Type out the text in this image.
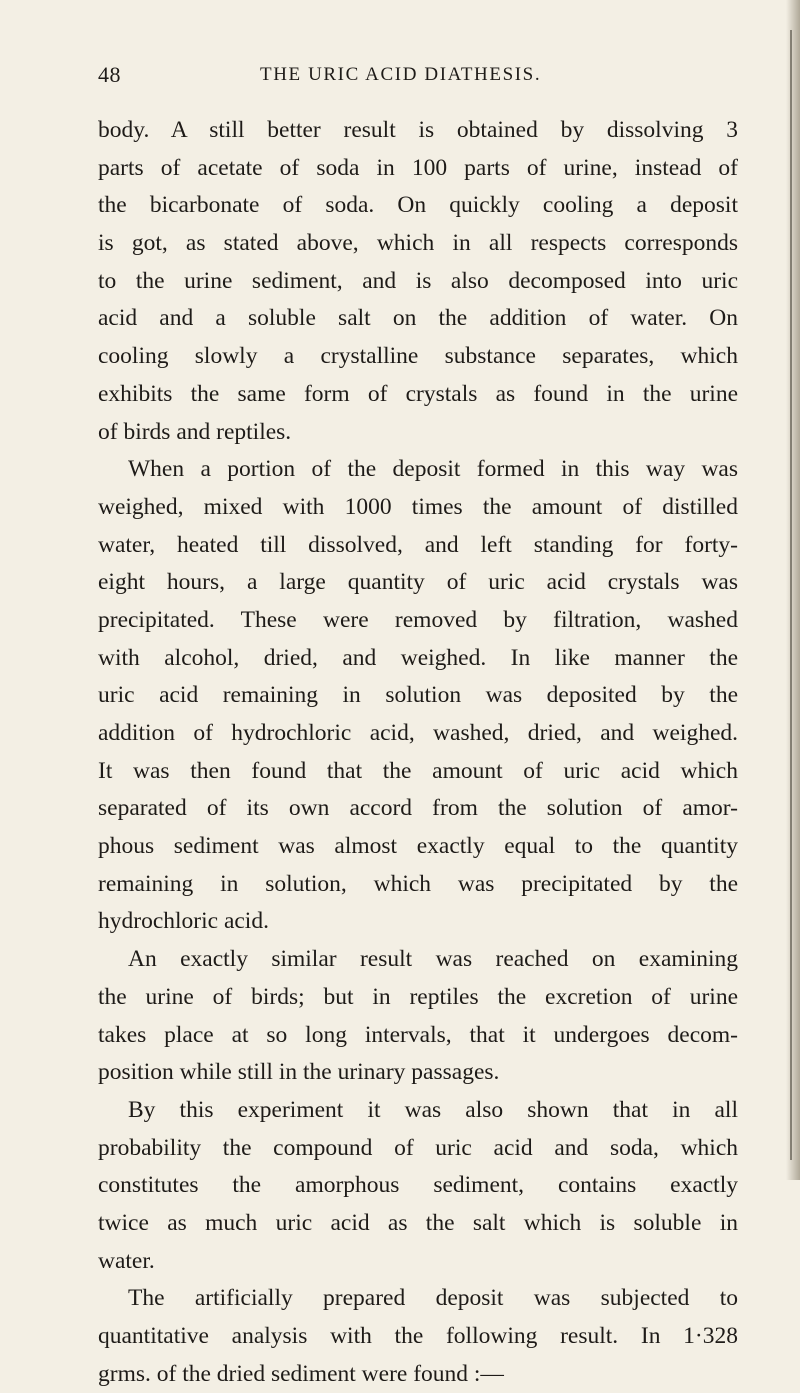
48	THE URIC ACID DIATHESIS.
body. A still better result is obtained by dissolving 3
parts of acetate of soda in 100 parts of urine, instead of
the bicarbonate of soda. On quickly cooling a deposit
is got, as stated above, which in all respects corresponds
to the urine sediment, and is also decomposed into uric
acid and a soluble salt on the addition of water. On
cooling slowly a crystalline substance separates, which
exhibits the same form of crystals as found in the urine
of birds and reptiles.
When a portion of the deposit formed in this way was
weighed, mixed with 1000 times the amount of distilled
water, heated till dissolved, and left standing for forty-
eight hours, a large quantity of uric acid crystals was
precipitated. These were removed by filtration, washed
with alcohol, dried, and weighed. In like manner the
uric acid remaining in solution was deposited by the
addition of hydrochloric acid, washed, dried, and weighed.
It was then found that the amount of uric acid which
separated of its own accord from the solution of amor-
phous sediment was almost exactly equal to the quantity
remaining in solution, which was precipitated by the
hydrochloric acid.
An exactly similar result was reached on examining
the urine of birds; but in reptiles the excretion of urine
takes place at so long intervals, that it undergoes decom-
position while still in the urinary passages.
By this experiment it was also shown that in all
probability the compound of uric acid and soda, which
constitutes the amorphous sediment, contains exactly
twice as much uric acid as the salt which is soluble in
water.
The artificially prepared deposit was subjected to
quantitative analysis with the following result. In 1·328
grms. of the dried sediment were found :—
